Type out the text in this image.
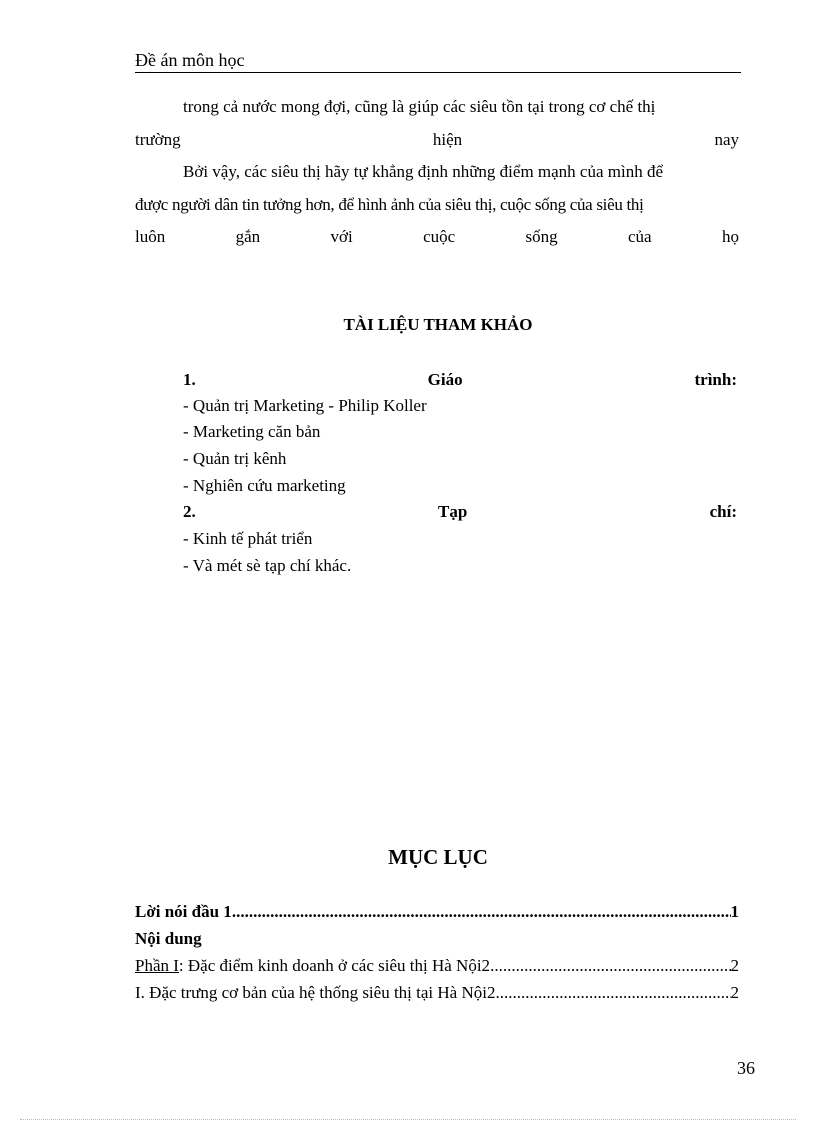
Đề án môn học
trong cả nước mong đợi, cũng là giúp các siêu tồn tại trong cơ chế thị
trường	hiện	nay
Bởi vậy, các siêu thị hãy tự khẳng định những điểm mạnh của mình để
được người dân tin tưởng hơn, để hình ảnh của siêu thị, cuộc sống của siêu thị
luôn	gắn	với	cuộc	sống	của	họ
TÀI LIỆU THAM KHẢO
1.	Giáo	trình:
- Quản trị Marketing - Philip Koller
- Marketing căn bản
- Quản trị kênh
- Nghiên cứu marketing
2.	Tạp	chí:
- Kinh tế phát triển
- Và mét sè tạp chí khác.
MỤC LỤC
Lời nói đầu 1 .....	1
Nội dung
Phần I : Đặc điểm kinh doanh ở các siêu thị Hà Nội2 .....	2
I. Đặc trưng cơ bản của hệ thống siêu thị tại Hà Nội2 .....	2
36
